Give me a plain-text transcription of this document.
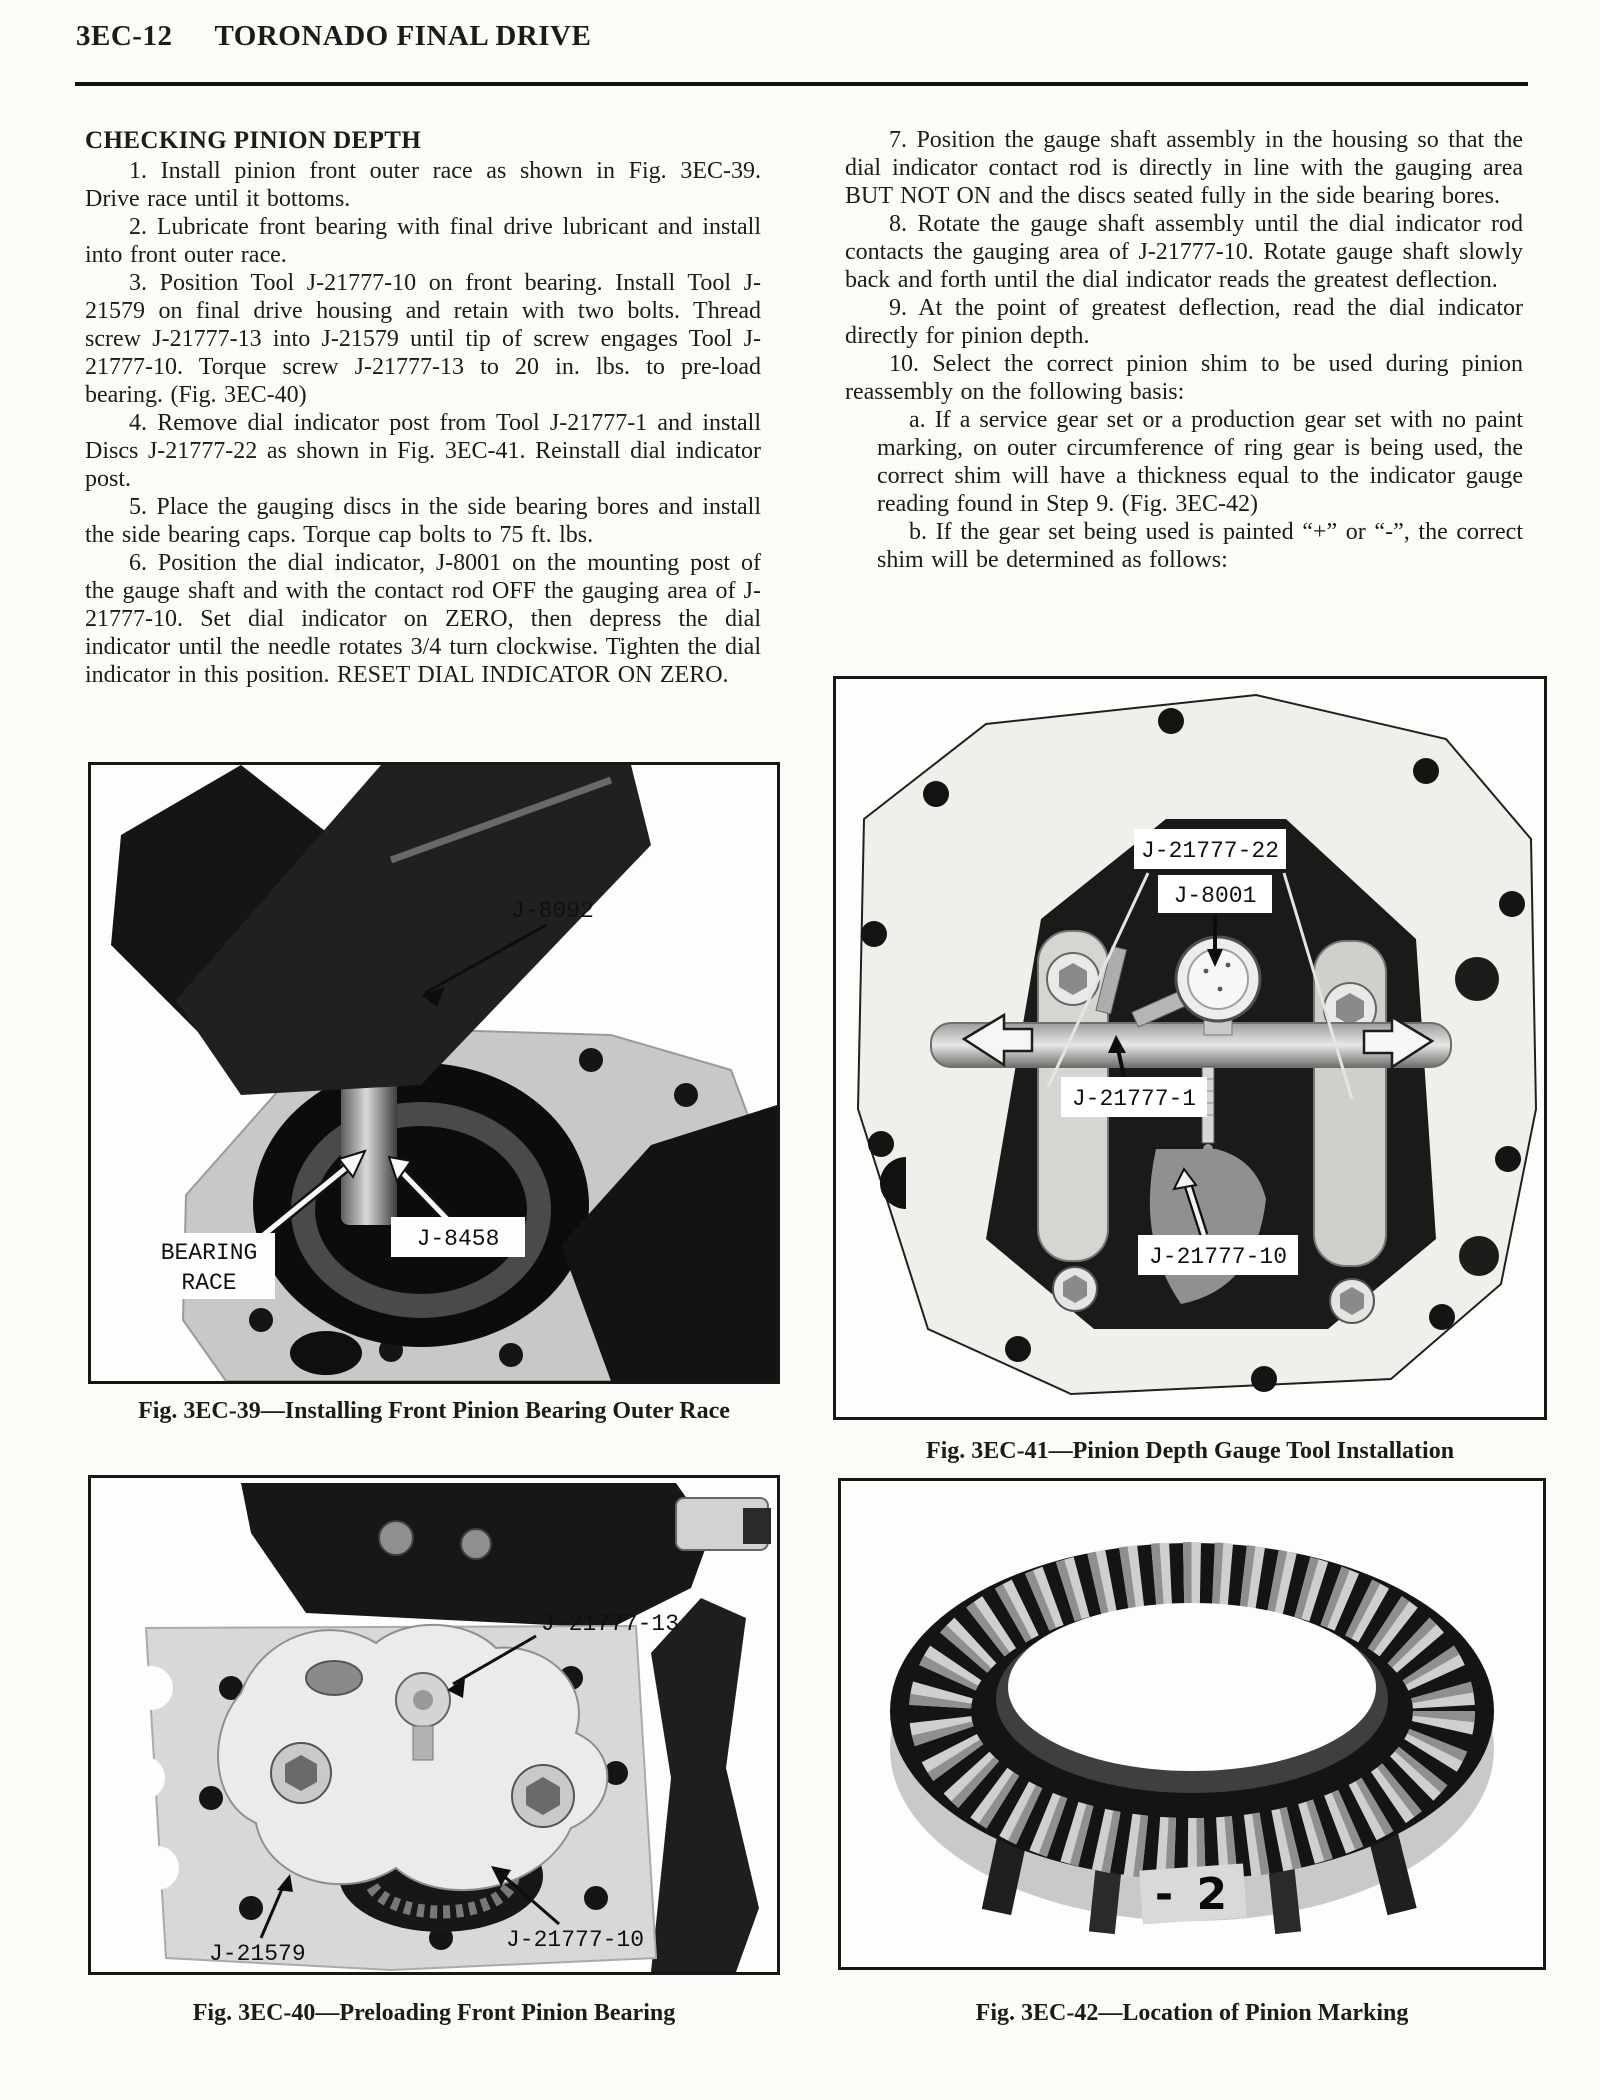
3EC-12 TORONADO FINAL DRIVE
CHECKING PINION DEPTH

1. Install pinion front outer race as shown in Fig. 3EC-39. Drive race until it bottoms.

2. Lubricate front bearing with final drive lubricant and install into front outer race.

3. Position Tool J-21777-10 on front bearing. Install Tool J-21579 on final drive housing and retain with two bolts. Thread screw J-21777-13 into J-21579 until tip of screw engages Tool J-21777-10. Torque screw J-21777-13 to 20 in. lbs. to pre-load bearing. (Fig. 3EC-40)

4. Remove dial indicator post from Tool J-21777-1 and install Discs J-21777-22 as shown in Fig. 3EC-41. Reinstall dial indicator post.

5. Place the gauging discs in the side bearing bores and install the side bearing caps. Torque cap bolts to 75 ft. lbs.

6. Position the dial indicator, J-8001 on the mounting post of the gauge shaft and with the contact rod OFF the gauging area of J-21777-10. Set dial indicator on ZERO, then depress the dial indicator until the needle rotates 3/4 turn clockwise. Tighten the dial indicator in this position. RESET DIAL INDICATOR ON ZERO.

7. Position the gauge shaft assembly in the housing so that the dial indicator contact rod is directly in line with the gauging area BUT NOT ON and the discs seated fully in the side bearing bores.

8. Rotate the gauge shaft assembly until the dial indicator rod contacts the gauging area of J-21777-10. Rotate gauge shaft slowly back and forth until the dial indicator reads the greatest deflection.

9. At the point of greatest deflection, read the dial indicator directly for pinion depth.

10. Select the correct pinion shim to be used during pinion reassembly on the following basis:

a. If a service gear set or a production gear set with no paint marking, on outer circumference of ring gear is being used, the correct shim will have a thickness equal to the indicator gauge reading found in Step 9. (Fig. 3EC-42)

b. If the gear set being used is painted “+” or “-”, the correct shim will be determined as follows:

J-8092
BEARING
RACE
J-8458
Fig. 3EC-39—Installing Front Pinion Bearing Outer Race
J-21777-22
J-8001
J-21777-1
J-21777-10
Fig. 3EC-41—Pinion Depth Gauge Tool Installation
J-21777-13
J-21579
J-21777-10
Fig. 3EC-40—Preloading Front Pinion Bearing
- 2
Fig. 3EC-42—Location of Pinion Marking
